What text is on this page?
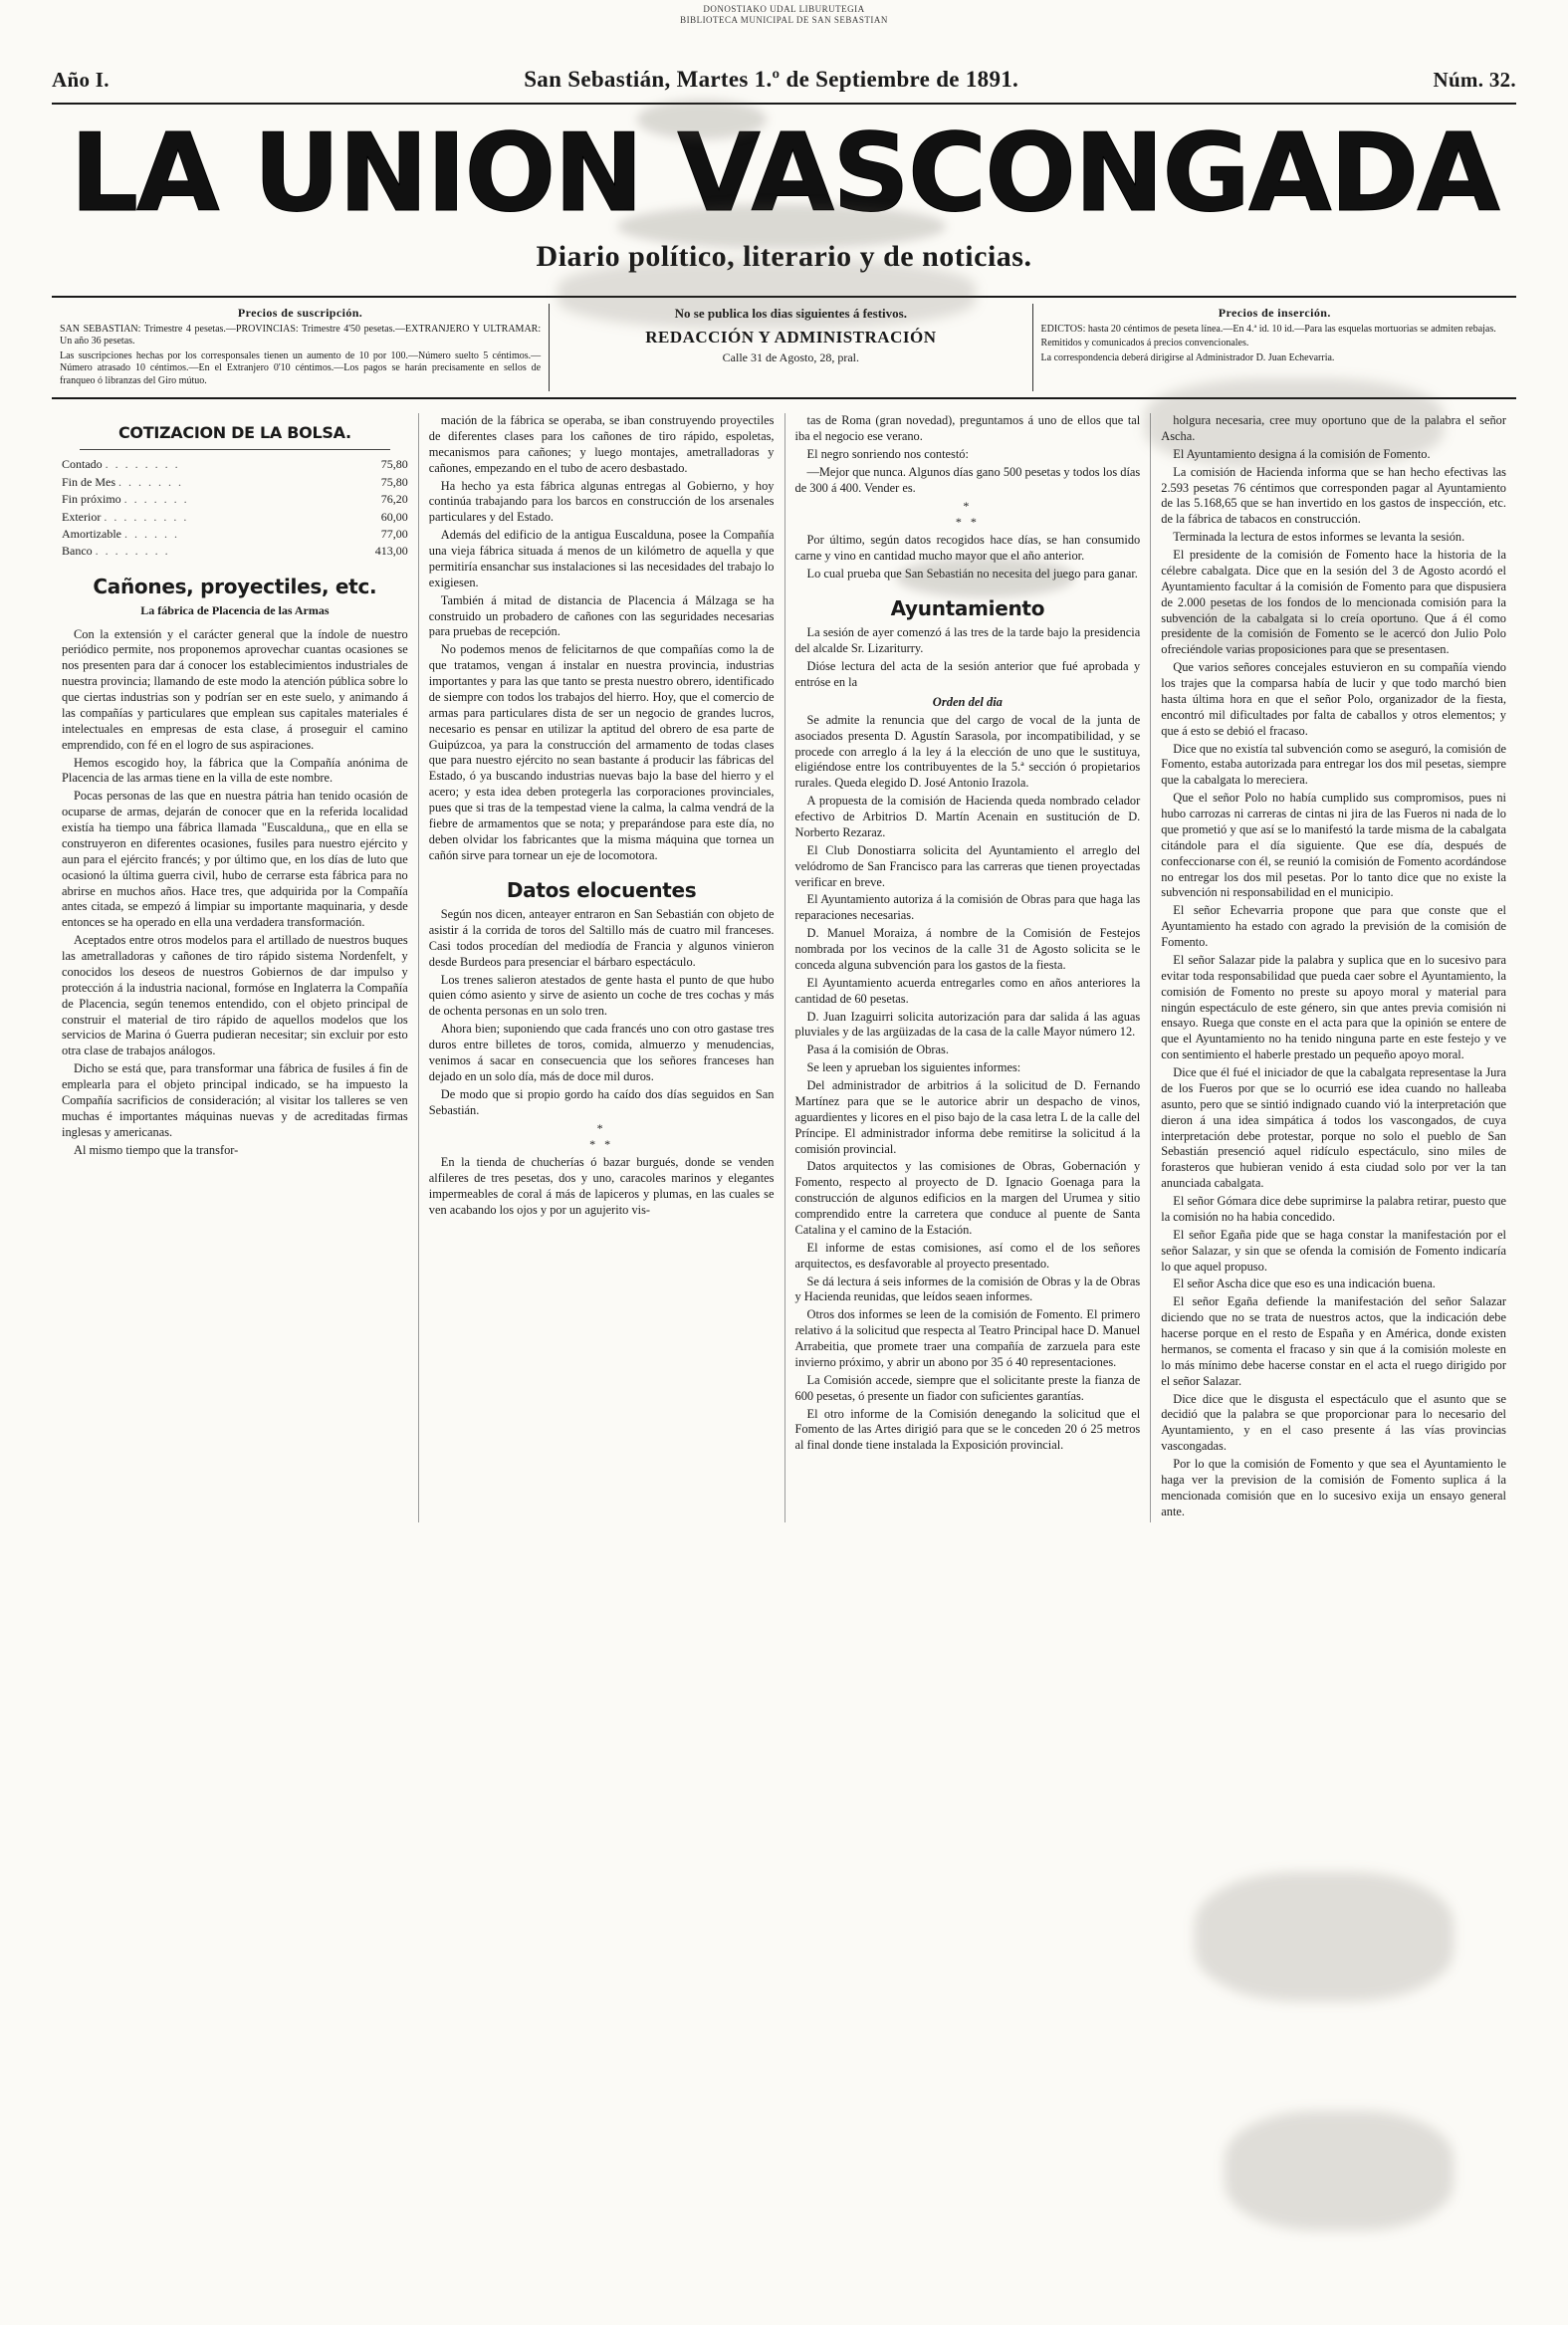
DONOSTIAKO UDAL LIBURUTEGIA
BIBLIOTECA MUNICIPAL DE SAN SEBASTIAN
Año I.	San Sebastián, Martes 1.º de Septiembre de 1891.	Núm. 32.
LA UNION VASCONGADA
Diario político, literario y de noticias.
Precios de suscripción.

SAN SEBASTIAN: Trimestre 4 pesetas.—PROVINCIAS: Trimestre 4'50 pesetas.—EXTRANJERO Y ULTRAMAR: Un año 36 pesetas.

Las suscripciones hechas por los corresponsales tienen un aumento de 10 por 100.—Número suelto 5 céntimos.—Número atrasado 10 céntimos.—En el Extranjero 0'10 céntimos.—Los pagos se harán precisamente en sellos de franqueo ó libranzas del Giro mútuo.

No se publica los dias siguientes á festivos.
REDACCIÓN Y ADMINISTRACIÓN
Calle 31 de Agosto, 28, pral.
Precios de inserción.

EDICTOS: hasta 20 céntimos de peseta línea.—En 4.ª id. 10 id.—Para las esquelas mortuorias se admiten rebajas.

Remitidos y comunicados á precios convencionales.

La correspondencia deberá dirigirse al Administrador D. Juan Echevarria.

COTIZACION DE LA BOLSA.
Contado . . . . . . . .	75,80
Fin de Mes . . . . . . .	75,80
Fin próximo . . . . . . .	76,20
Exterior . . . . . . . . .	60,00
Amortizable . . . . . .	77,00
Banco . . . . . . . .	413,00
Cañones, proyectiles, etc.
La fábrica de Placencia de las Armas

Con la extensión y el carácter general que la índole de nuestro periódico permite, nos proponemos aprovechar cuantas ocasiones se nos presenten para dar á conocer los establecimientos industriales de nuestra provincia; llamando de este modo la atención pública sobre lo que ciertas industrias son y podrían ser en este suelo, y animando á las compañías y particulares que emplean sus capitales materiales é intelectuales en empresas de esta clase, á proseguir el camino emprendido, con fé en el logro de sus aspiraciones.

Hemos escogido hoy, la fábrica que la Compañía anónima de Placencia de las armas tiene en la villa de este nombre.

Pocas personas de las que en nuestra pátria han tenido ocasión de ocuparse de armas, dejarán de conocer que en la referida localidad existía ha tiempo una fábrica llamada "Euscalduna,, que en ella se construyeron en diferentes ocasiones, fusiles para nuestro ejército y aun para el ejército francés; y por último que, en los días de luto que ocasionó la última guerra civil, hubo de cerrarse esta fábrica para no abrirse en muchos años. Hace tres, que adquirida por la Compañía antes citada, se empezó á limpiar su importante maquinaria, y desde entonces se ha operado en ella una verdadera transformación.

Aceptados entre otros modelos para el artillado de nuestros buques las ametralladoras y cañones de tiro rápido sistema Nordenfelt, y conocidos los deseos de nuestros Gobiernos de dar impulso y protección á la industria nacional, formóse en Inglaterra la Compañía de Placencia, según tenemos entendido, con el objeto principal de construir el material de tiro rápido de aquellos modelos que los servicios de Marina ó Guerra pudieran necesitar; sin excluir por esto otra clase de trabajos análogos.

Dicho se está que, para transformar una fábrica de fusiles á fin de emplearla para el objeto principal indicado, se ha impuesto la Compañía sacrificios de consideración; al visitar los talleres se ven muchas é importantes máquinas nuevas y de acreditadas firmas inglesas y americanas.

Al mismo tiempo que la transfor-

mación de la fábrica se operaba, se iban construyendo proyectiles de diferentes clases para los cañones de tiro rápido, espoletas, mecanismos para cañones; y luego montajes, ametralladoras y cañones, empezando en el tubo de acero desbastado.

Ha hecho ya esta fábrica algunas entregas al Gobierno, y hoy continúa trabajando para los barcos en construcción de los arsenales particulares y del Estado.

Además del edificio de la antigua Euscalduna, posee la Compañía una vieja fábrica situada á menos de un kilómetro de aquella y que permitiría ensanchar sus instalaciones si las necesidades del trabajo lo exigiesen.

También á mitad de distancia de Placencia á Málzaga se ha construido un probadero de cañones con las seguridades necesarias para pruebas de recepción.

No podemos menos de felicitarnos de que compañías como la de que tratamos, vengan á instalar en nuestra provincia, industrias importantes y para las que tanto se presta nuestro obrero, identificado de siempre con todos los trabajos del hierro. Hoy, que el comercio de armas para particulares dista de ser un negocio de grandes lucros, necesario es pensar en utilizar la aptitud del obrero de esa parte de Guipúzcoa, ya para la construcción del armamento de todas clases que para nuestro ejército no sean bastante á producir las fábricas del Estado, ó ya buscando industrias nuevas bajo la base del hierro y el acero; y esta idea deben protegerla las corporaciones provinciales, pues que si tras de la tempestad viene la calma, la calma vendrá de la fiebre de armamentos que se nota; y preparándose para este día, no deben olvidar los fabricantes que la misma máquina que tornea un cañón sirve para tornear un eje de locomotora.

Datos elocuentes

Según nos dicen, anteayer entraron en San Sebastián con objeto de asistir á la corrida de toros del Saltillo más de cuatro mil franceses. Casi todos procedían del mediodía de Francia y algunos vinieron desde Burdeos para presenciar el bárbaro espectáculo.

Los trenes salieron atestados de gente hasta el punto de que hubo quien cómo asiento y sirve de asiento un coche de tres cochas y más de ochenta personas en un solo tren.

Ahora bien; suponiendo que cada francés uno con otro gastase tres duros entre billetes de toros, comida, almuerzo y menudencias, venimos á sacar en consecuencia que los señores franceses han dejado en un solo día, más de doce mil duros.

De modo que si propio gordo ha caído dos días seguidos en San Sebastián.

*
* *

En la tienda de chucherías ó bazar burgués, donde se venden alfileres de tres pesetas, dos y uno, caracoles marinos y elegantes impermeables de coral á más de lapiceros y plumas, en las cuales se ven acabando los ojos y por un agujerito vis-

tas de Roma (gran novedad), preguntamos á uno de ellos que tal iba el negocio ese verano.

El negro sonriendo nos contestó:

—Mejor que nunca. Algunos días gano 500 pesetas y todos los días de 300 á 400. Vender es.

*
* *

Por último, según datos recogidos hace días, se han consumido carne y vino en cantidad mucho mayor que el año anterior.

Lo cual prueba que San Sebastián no necesita del juego para ganar.

Ayuntamiento

La sesión de ayer comenzó á las tres de la tarde bajo la presidencia del alcalde Sr. Lizariturry.

Dióse lectura del acta de la sesión anterior que fué aprobada y entróse en la

Orden del dia

Se admite la renuncia que del cargo de vocal de la junta de asociados presenta D. Agustín Sarasola, por incompatibilidad, y se procede con arreglo á la ley á la elección de uno que le sustituya, eligiéndose entre los contribuyentes de la 5.ª sección ó propietarios rurales. Queda elegido D. José Antonio Irazola.

A propuesta de la comisión de Hacienda queda nombrado celador efectivo de Arbitrios D. Martín Acenain en sustitución de D. Norberto Rezaraz.

El Club Donostiarra solicita del Ayuntamiento el arreglo del velódromo de San Francisco para las carreras que tienen proyectadas verificar en breve.

El Ayuntamiento autoriza á la comisión de Obras para que haga las reparaciones necesarias.

D. Manuel Moraiza, á nombre de la Comisión de Festejos nombrada por los vecinos de la calle 31 de Agosto solicita se le conceda alguna subvención para los gastos de la fiesta.

El Ayuntamiento acuerda entregarles como en años anteriores la cantidad de 60 pesetas.

D. Juan Izaguirri solicita autorización para dar salida á las aguas pluviales y de las argüizadas de la casa de la calle Mayor número 12.

Pasa á la comisión de Obras.

Se leen y aprueban los siguientes informes:

Del administrador de arbitrios á la solicitud de D. Fernando Martínez para que se le autorice abrir un despacho de vinos, aguardientes y licores en el piso bajo de la casa letra L de la calle del Príncipe. El administrador informa debe remitirse la solicitud á la comisión provincial.

Datos arquitectos y las comisiones de Obras, Gobernación y Fomento, respecto al proyecto de D. Ignacio Goenaga para la construcción de algunos edificios en la margen del Urumea y sitio comprendido entre la carretera que conduce al puente de Santa Catalina y el camino de la Estación.

El informe de estas comisiones, así como el de los señores arquitectos, es desfavorable al proyecto presentado.

Se dá lectura á seis informes de la comisión de Obras y la de Obras y Hacienda reunidas, que leídos seaen informes.

Otros dos informes se leen de la comisión de Fomento. El primero relativo á la solicitud que respecta al Teatro Principal hace D. Manuel Arrabeitia, que promete traer una compañía de zarzuela para este invierno próximo, y abrir un abono por 35 ó 40 representaciones.

La Comisión accede, siempre que el solicitante preste la fianza de 600 pesetas, ó presente un fiador con suficientes garantías.

El otro informe de la Comisión denegando la solicitud que el Fomento de las Artes dirigió para que se le conceden 20 ó 25 metros al final donde tiene instalada la Exposición provincial.

holgura necesaria, cree muy oportuno que de la palabra el señor Ascha.

El Ayuntamiento designa á la comisión de Fomento.

La comisión de Hacienda informa que se han hecho efectivas las 2.593 pesetas 76 céntimos que corresponden pagar al Ayuntamiento de las 5.168,65 que se han invertido en los gastos de inspección, etc. de la fábrica de tabacos en construcción.

Terminada la lectura de estos informes se levanta la sesión.

El presidente de la comisión de Fomento hace la historia de la célebre cabalgata. Dice que en la sesión del 3 de Agosto acordó el Ayuntamiento facultar á la comisión de Fomento para que dispusiera de 2.000 pesetas de los fondos de lo mencionada comisión para la subvención de la cabalgata si lo creía oportuno. Que á él como presidente de la comisión de Fomento se le acercó don Julio Polo ofreciéndole varias proposiciones para que se presentasen.

Que varios señores concejales estuvieron en su compañía viendo los trajes que la comparsa había de lucir y que todo marchó bien hasta última hora en que el señor Polo, organizador de la fiesta, encontró mil dificultades por falta de caballos y otros elementos; y que á esto se debió el fracaso.

Dice que no existía tal subvención como se aseguró, la comisión de Fomento, estaba autorizada para entregar los dos mil pesetas, siempre que la cabalgata lo mereciera.

Que el señor Polo no había cumplido sus compromisos, pues ni hubo carrozas ni carreras de cintas ni jira de las Fueros ni nada de lo que prometió y que así se lo manifestó la tarde misma de la cabalgata citándole para el día siguiente. Que ese día, después de confeccionarse con él, se reunió la comisión de Fomento acordándose no entregar los dos mil pesetas. Por lo tanto dice que no existe la subvención ni responsabilidad en el municipio.

El señor Echevarria propone que para que conste que el Ayuntamiento ha estado con agrado la previsión de la comisión de Fomento.

El señor Salazar pide la palabra y suplica que en lo sucesivo para evitar toda responsabilidad que pueda caer sobre el Ayuntamiento, la comisión de Fomento no preste su apoyo moral y material para ningún espectáculo de este género, sin que antes previa comisión ni ensayo. Ruega que conste en el acta para que la opinión se entere de que el Ayuntamiento no ha tenido ninguna parte en este festejo y ve con sentimiento el haberle prestado un pequeño apoyo moral.

Dice que él fué el iniciador de que la cabalgata representase la Jura de los Fueros por que se lo ocurrió ese idea cuando no halleaba asunto, pero que se sintió indignado cuando vió la interpretación que dieron á una idea simpática á todos los vascongados, de cuya interpretación debe protestar, porque no solo el pueblo de San Sebastián presenció aquel ridículo espectáculo, sino miles de forasteros que hubieran venido á esta ciudad solo por ver la tan anunciada cabalgata.

El señor Gómara dice debe suprimirse la palabra retirar, puesto que la comisión no ha habia concedido.

El señor Egaña pide que se haga constar la manifestación por el señor Salazar, y sin que se ofenda la comisión de Fomento indicaría lo que aquel propuso.

El señor Ascha dice que eso es una indicación buena.

El señor Egaña defiende la manifestación del señor Salazar diciendo que no se trata de nuestros actos, que la indicación debe hacerse porque en el resto de España y en América, donde existen hermanos, se comenta el fracaso y sin que á la comisión moleste en lo más mínimo debe hacerse constar en el acta el ruego dirigido por el señor Salazar.

Dice dice que le disgusta el espectáculo que el asunto que se decidió que la palabra se que proporcionar para lo necesario del Ayuntamiento, y en el caso presente á las vías provincias vascongadas.

Por lo que la comisión de Fomento y que sea el Ayuntamiento le haga ver la prevision de la comisión de Fomento suplica á la mencionada comisión que en lo sucesivo exija un ensayo general ante.
